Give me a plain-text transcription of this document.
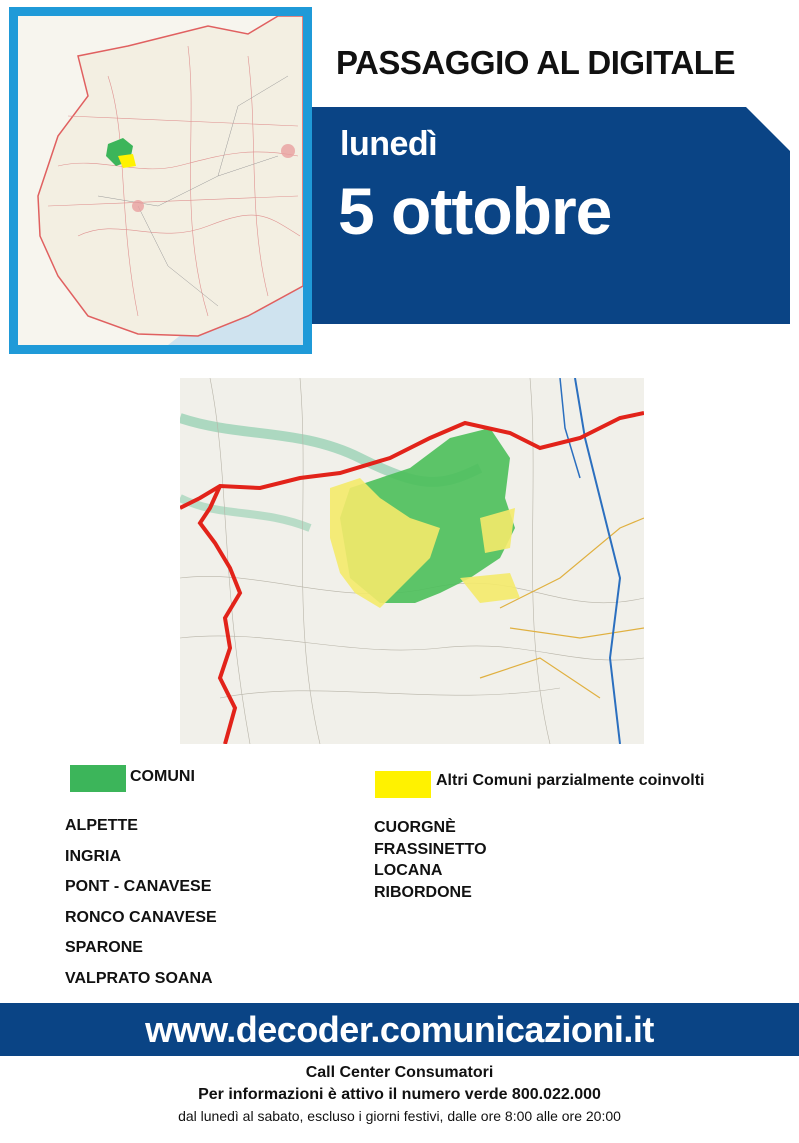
PASSAGGIO AL DIGITALE
lunedì
5 ottobre
COMUNI	Altri Comuni parzialmente coinvolti
ALPETTE
INGRIA
PONT - CANAVESE
RONCO CANAVESE
SPARONE
VALPRATO SOANA
CUORGNÈ
FRASSINETTO
LOCANA
RIBORDONE
www.decoder.comunicazioni.it
Call Center Consumatori
Per informazioni è attivo il numero verde 800.022.000
dal lunedì al sabato, escluso i giorni festivi, dalle ore 8:00 alle ore 20:00
